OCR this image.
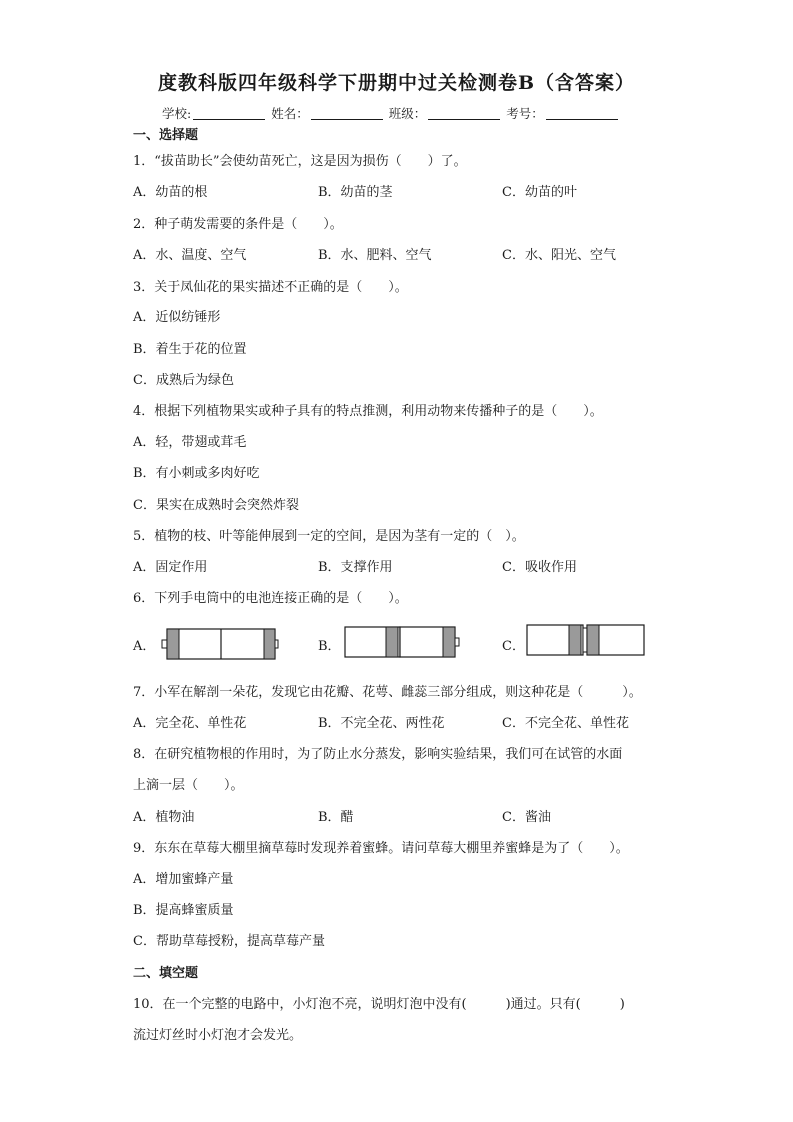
度教科版四年级科学下册期中过关检测卷B（含答案）
学校:	姓名：	班级：	考号：
一、选择题
1．“拔苗助长”会使幼苗死亡，这是因为损伤（　　）了。
A．幼苗的根	B．幼苗的茎	C．幼苗的叶
2．种子萌发需要的条件是（　　）。
A．水、温度、空气	B．水、肥料、空气	C．水、阳光、空气
3．关于凤仙花的果实描述不正确的是（　　）。
A．近似纺锤形
B．着生于花的位置
C．成熟后为绿色
4．根据下列植物果实或种子具有的特点推测，利用动物来传播种子的是（　　）。
A．轻，带翅或茸毛
B．有小刺或多肉好吃
C．果实在成熟时会突然炸裂
5．植物的枝、叶等能伸展到一定的空间，是因为茎有一定的（　）。
A．固定作用	B．支撑作用	C．吸收作用
6．下列手电筒中的电池连接正确的是（　　）。
A．	B．	C．
7．小军在解剖一朵花，发现它由花瓣、花萼、雌蕊三部分组成，则这种花是（　　　）。
A．完全花、单性花	B．不完全花、两性花	C．不完全花、单性花
8．在研究植物根的作用时，为了防止水分蒸发，影响实验结果，我们可在试管的水面
上滴一层（　　）。
A．植物油	B．醋	C．酱油
9．东东在草莓大棚里摘草莓时发现养着蜜蜂。请问草莓大棚里养蜜蜂是为了（　　）。
A．增加蜜蜂产量
B．提高蜂蜜质量
C．帮助草莓授粉，提高草莓产量
二、填空题
10．在一个完整的电路中，小灯泡不亮，说明灯泡中没有(　　　)通过。只有(　　　)
流过灯丝时小灯泡才会发光。
